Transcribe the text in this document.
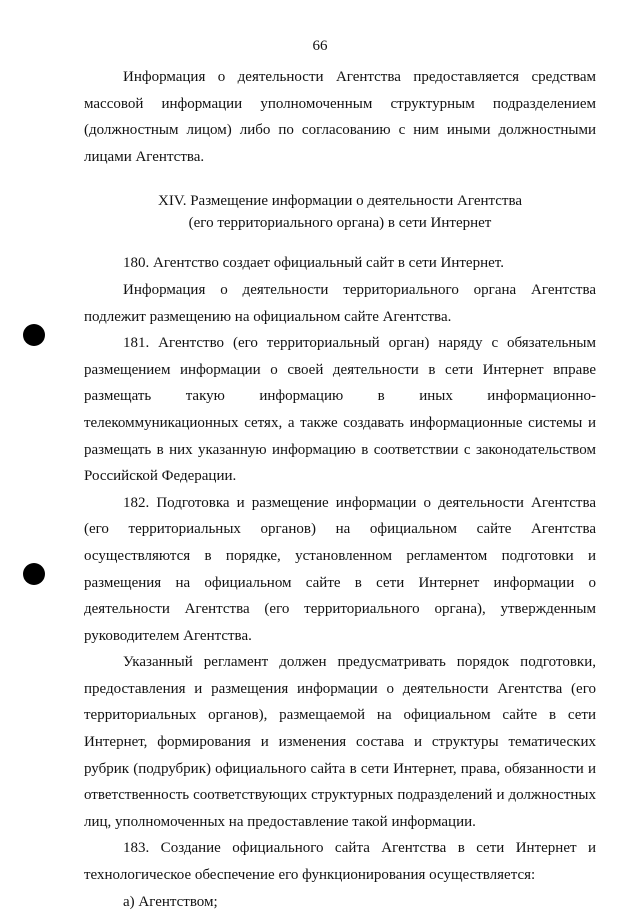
66

Информация о деятельности Агентства предоставляется средствам массовой информации уполномоченным структурным подразделением (должностным лицом) либо по согласованию с ним иными должностными лицами Агентства.

XIV. Размещение информации о деятельности Агентства

(его территориального органа) в сети Интернет

180. Агентство создает официальный сайт в сети Интернет.

Информация о деятельности территориального органа Агентства подлежит размещению на официальном сайте Агентства.

181. Агентство (его территориальный орган) наряду с обязательным размещением информации о своей деятельности в сети Интернет вправе размещать такую информацию в иных информационно-телекоммуникационных сетях, а также создавать информационные системы и размещать в них указанную информацию в соответствии с законодательством Российской Федерации.

182. Подготовка и размещение информации о деятельности Агентства (его территориальных органов) на официальном сайте Агентства осуществляются в порядке, установленном регламентом подготовки и размещения на официальном сайте в сети Интернет информации о деятельности Агентства (его территориального органа), утвержденным руководителем Агентства.

Указанный регламент должен предусматривать порядок подготовки, предоставления и размещения информации о деятельности Агентства (его территориальных органов), размещаемой на официальном сайте в сети Интернет, формирования и изменения состава и структуры тематических рубрик (подрубрик) официального сайта в сети Интернет, права, обязанности и ответственность соответствующих структурных подразделений и должностных лиц, уполномоченных на предоставление такой информации.

183. Создание официального сайта Агентства в сети Интернет и технологическое обеспечение его функционирования осуществляется:

а) Агентством;
